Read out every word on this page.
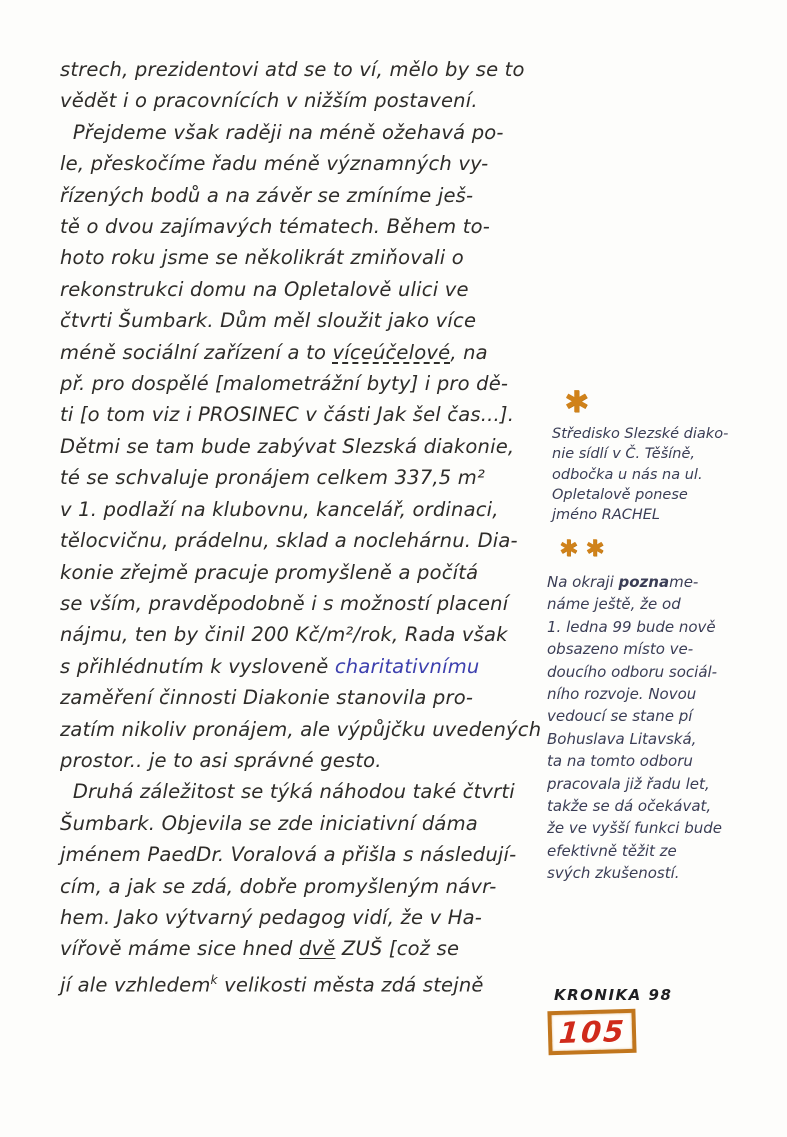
strech, prezidentovi atd se to ví, mělo by se to
vědět i o pracovnících v nižším postavení.
Přejdeme však raději na méně ožehavá po-
le, přeskočíme řadu méně významných vy-
řízených bodů a na závěr se zmíníme ješ-
tě o dvou zajímavých tématech. Během to-
hoto roku jsme se několikrát zmiňovali o
rekonstrukci domu na Opletalově ulici ve
čtvrti Šumbark. Dům měl sloužit jako více
méně sociální zařízení a to víceúčelové, na
př. pro dospělé [malometrážní byty] i pro dě-
ti [o tom viz i PROSINEC v části Jak šel čas...].
Dětmi se tam bude zabývat Slezská diakonie,
té se schvaluje pronájem celkem 337,5 m²
v 1. podlaží na klubovnu, kancelář, ordinaci,
tělocvičnu, prádelnu, sklad a noclehárnu. Dia-
konie zřejmě pracuje promyšleně a počítá
se vším, pravděpodobně i s možností placení
nájmu, ten by činil 200 Kč/m²/rok, Rada však
s přihlédnutím k vysloveně charitativnímu
zaměření činnosti Diakonie stanovila pro-
zatím nikoliv pronájem, ale výpůjčku uvedených
prostor.. je to asi správné gesto.
Druhá záležitost se týká náhodou také čtvrti
Šumbark. Objevila se zde iniciativní dáma
jménem PaedDr. Voralová a přišla s následují-
cím, a jak se zdá, dobře promyšleným návr-
hem. Jako výtvarný pedagog vidí, že v Ha-
vířově máme sice hned dvě ZUŠ [což se
jí ale vzhledem$^k$ velikosti města zdá stejně
✱
Středisko Slezské diako-
nie sídlí v Č. Těšíně,
odbočka u nás na ul.
Opletalově ponese
jméno RACHEL
✱✱
Na okraji pozname-
náme ještě, že od
1. ledna 99 bude nově
obsazeno místo ve-
doucího odboru sociál-
ního rozvoje. Novou
vedoucí se stane pí
Bohuslava Litavská,
ta na tomto odboru
pracovala již řadu let,
takže se dá očekávat,
že ve vyšší funkci bude
efektivně těžit ze
svých zkušeností.
KRONIKA 98
105
